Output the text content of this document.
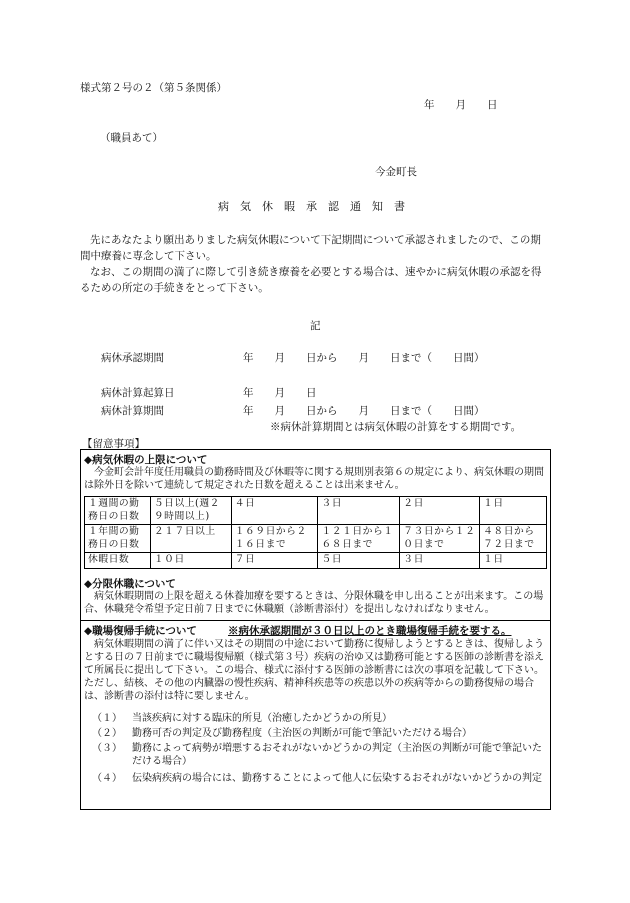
様式第２号の２（第５条関係）
年　　月　　日
（職員あて）
今金町長
病　気　休　暇　承　認　通　知　書
先にあなたより願出ありました病気休暇について下記期間について承認されましたので、この期間中療養に専念して下さい。
なお、この期間の満了に際して引き続き療養を必要とする場合は、速やかに病気休暇の承認を得るための所定の手続きをとって下さい。
記
病休承認期間	年　　月　　日から　　月　　日まで（　　日間）
病休計算起算日	年　　月　　日
病休計算期間	年　　月　　日から　　月　　日まで（　　日間）
※病休計算期間とは病気休暇の計算をする期間です。
【留意事項】
◆病気休暇の上限について
今金町会計年度任用職員の勤務時間及び休暇等に関する規則別表第６の規定により、病気休暇の期間は除外日を除いて連続して規定された日数を超えることは出来ません。
１週間の勤務日の日数	５日以上(週２９時間以上)	４日	３日	２日	１日
１年間の勤務日の日数	２１７日以上	１６９日から２１６日まで	１２１日から１６８日まで	７３日から１２０日まで	４８日から７２日まで
休暇日数	１０日	７日	５日	３日	１日
◆分限休職について
病気休暇期間の上限を超える休養加療を要するときは、分限休職を申し出ることが出来ます。この場合、休職発令希望予定日前７日までに休職願（診断書添付）を提出しなければなりません。
◆職場復帰手続について	※病休承認期間が３０日以上のとき職場復帰手続を要する。
病気休暇期間の満了に伴い又はその期間の中途において勤務に復帰しようとするときは、復帰しようとする日の７日前までに職場復帰願（様式第３号）疾病の治ゆ又は勤務可能とする医師の診断書を添えて所属長に提出して下さい。この場合、様式に添付する医師の診断書には次の事項を記載して下さい。ただし、結核、その他の内臓器の慢性疾病、精神科疾患等の疾患以外の疾病等からの勤務復帰の場合は、診断書の添付は特に要しません。
（１） 当該疾病に対する臨床的所見（治癒したかどうかの所見）
（２） 勤務可否の判定及び勤務程度（主治医の判断が可能で筆記いただける場合）
（３） 勤務によって病勢が増悪するおそれがないかどうかの判定（主治医の判断が可能で筆記いただける場合）
（４） 伝染病疾病の場合には、勤務することによって他人に伝染するおそれがないかどうかの判定
